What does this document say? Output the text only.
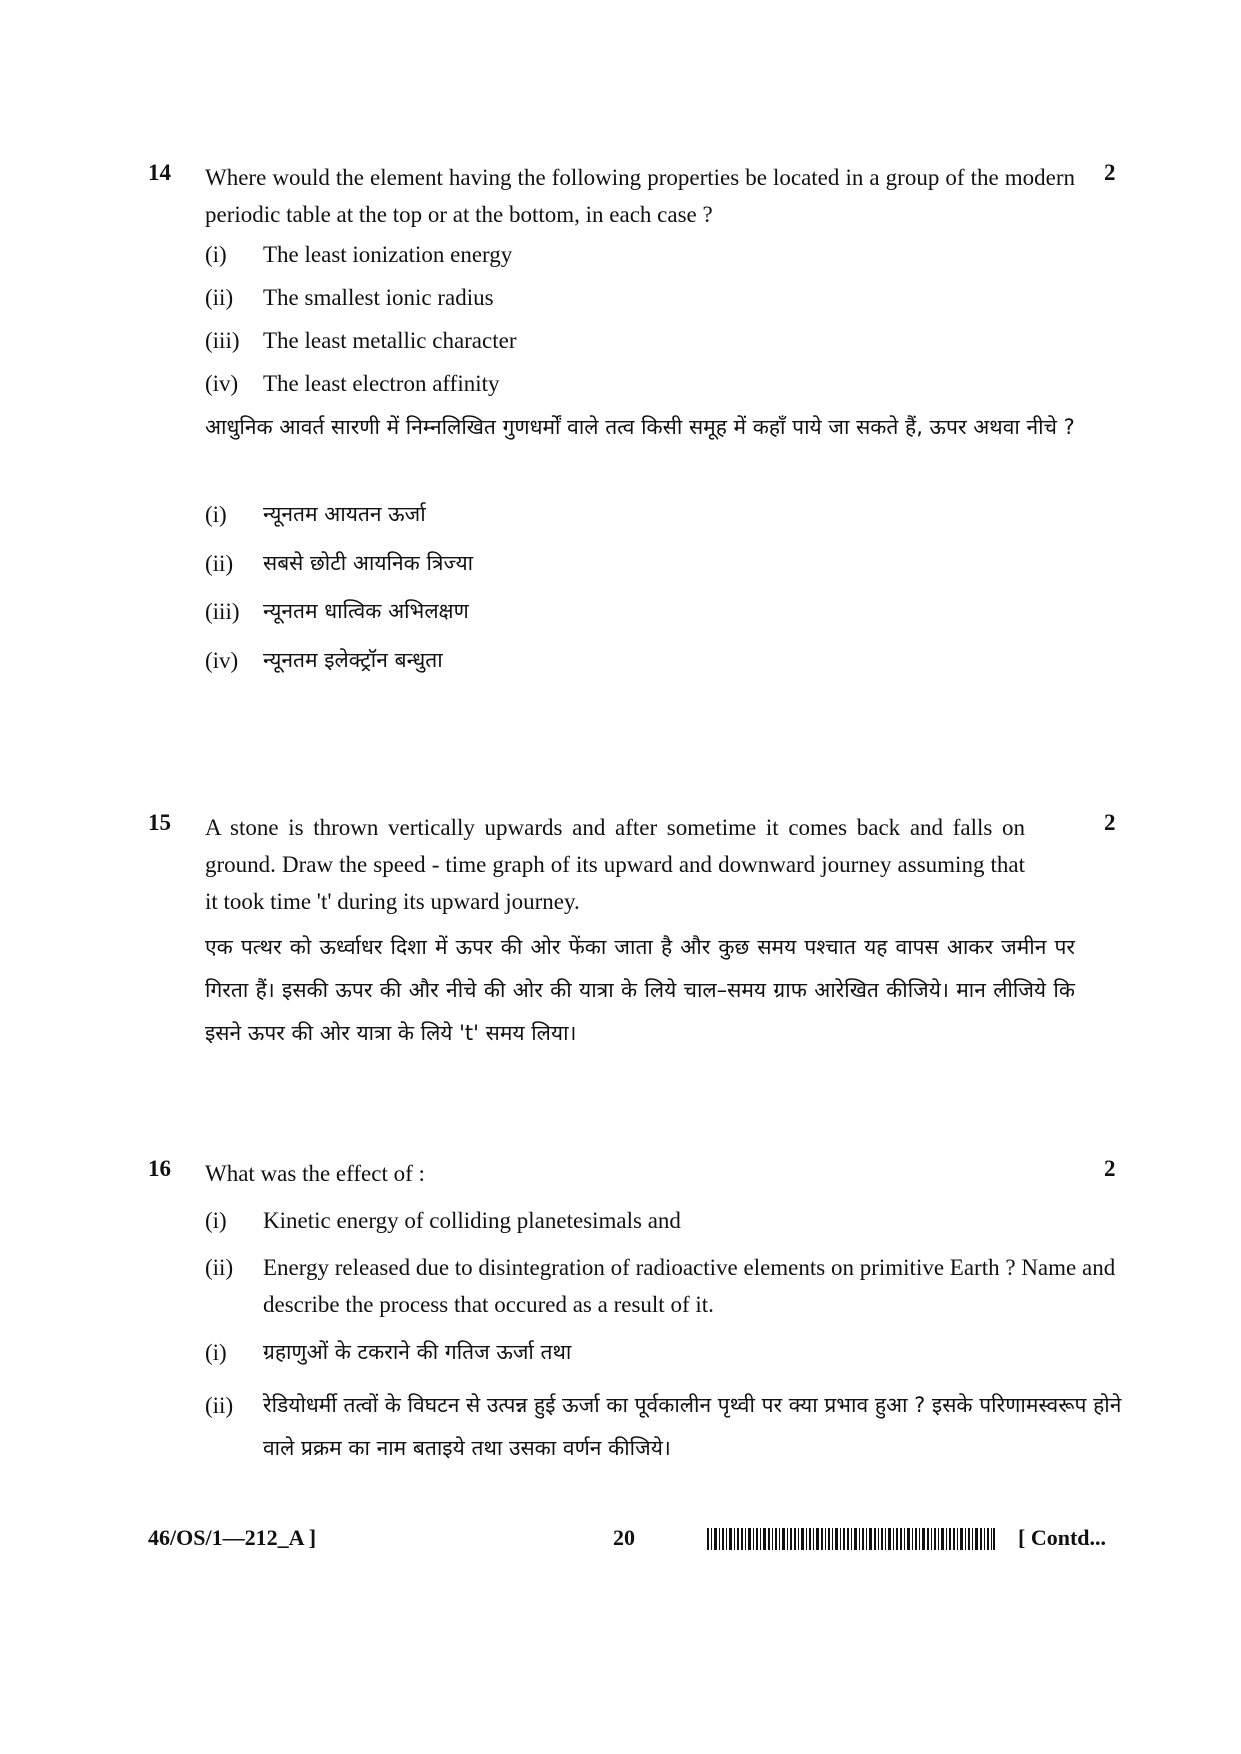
14	2
Where would the element having the following properties be located in a group of the modern periodic table at the top or at the bottom, in each case ?
(i) The least ionization energy
(ii) The smallest ionic radius
(iii) The least metallic character
(iv) The least electron affinity
आधुनिक आवर्त सारणी में निम्नलिखित गुणधर्मों वाले तत्व किसी समूह में कहाँ पाये जा सकते हैं, ऊपर अथवा नीचे ?
(i) न्यूनतम आयतन ऊर्जा
(ii) सबसे छोटी आयनिक त्रिज्या
(iii) न्यूनतम धात्विक अभिलक्षण
(iv) न्यूनतम इलेक्ट्रॉन बन्धुता
15	2
A stone is thrown vertically upwards and after sometime it comes back and falls on ground. Draw the speed - time graph of its upward and downward journey assuming that it took time 't' during its upward journey.
एक पत्थर को ऊर्ध्वाधर दिशा में ऊपर की ओर फेंका जाता है और कुछ समय पश्चात यह वापस आकर जमीन पर गिरता हैं। इसकी ऊपर की और नीचे की ओर की यात्रा के लिये चाल–समय ग्राफ आरेखित कीजिये। मान लीजिये कि इसने ऊपर की ओर यात्रा के लिये 't' समय लिया।
16	2
What was the effect of :
(i) Kinetic energy of colliding planetesimals and
(ii) Energy released due to disintegration of radioactive elements on primitive Earth ? Name and describe the process that occured as a result of it.
(i) ग्रहाणुओं के टकराने की गतिज ऊर्जा तथा
(ii) रेडियोधर्मी तत्वों के विघटन से उत्पन्न हुई ऊर्जा का पूर्वकालीन पृथ्वी पर क्या प्रभाव हुआ ? इसके परिणामस्वरूप होने वाले प्रक्रम का नाम बताइये तथा उसका वर्णन कीजिये।
46/OS/1—212_A ]	20	[ Contd...
